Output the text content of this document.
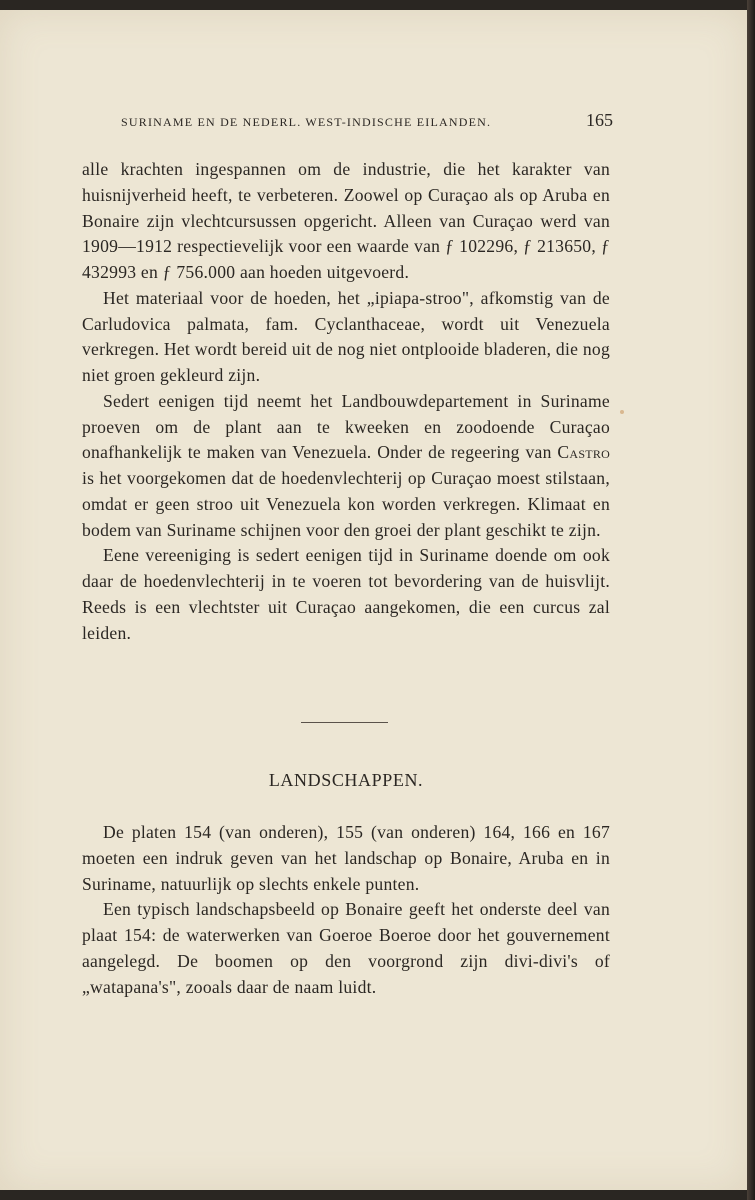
SURINAME EN DE NEDERL. WEST-INDISCHE EILANDEN.	165

alle krachten ingespannen om de industrie, die het karakter van huisnijverheid heeft, te verbeteren. Zoowel op Curaçao als op Aruba en Bonaire zijn vlechtcursussen opgericht. Alleen van Curaçao werd van 1909—1912 respectievelijk voor een waarde van ƒ 102296, ƒ 213650, ƒ 432993 en ƒ 756.000 aan hoeden uitgevoerd.

Het materiaal voor de hoeden, het „ipiapa-stroo", afkomstig van de Carludovica palmata, fam. Cyclanthaceae, wordt uit Venezuela verkregen. Het wordt bereid uit de nog niet ontplooide bladeren, die nog niet groen gekleurd zijn.

Sedert eenigen tijd neemt het Landbouwdepartement in Suriname proeven om de plant aan te kweeken en zoodoende Curaçao onafhankelijk te maken van Venezuela. Onder de regeering van Castro is het voorgekomen dat de hoedenvlechterij op Curaçao moest stilstaan, omdat er geen stroo uit Venezuela kon worden verkregen. Klimaat en bodem van Suriname schijnen voor den groei der plant geschikt te zijn.

Eene vereeniging is sedert eenigen tijd in Suriname doende om ook daar de hoedenvlechterij in te voeren tot bevordering van de huisvlijt. Reeds is een vlechtster uit Curaçao aangekomen, die een curcus zal leiden.

LANDSCHAPPEN.

De platen 154 (van onderen), 155 (van onderen) 164, 166 en 167 moeten een indruk geven van het landschap op Bonaire, Aruba en in Suriname, natuurlijk op slechts enkele punten.

Een typisch landschapsbeeld op Bonaire geeft het onderste deel van plaat 154: de waterwerken van Goeroe Boeroe door het gouvernement aangelegd. De boomen op den voorgrond zijn divi-divi's of „watapana's", zooals daar de naam luidt.
